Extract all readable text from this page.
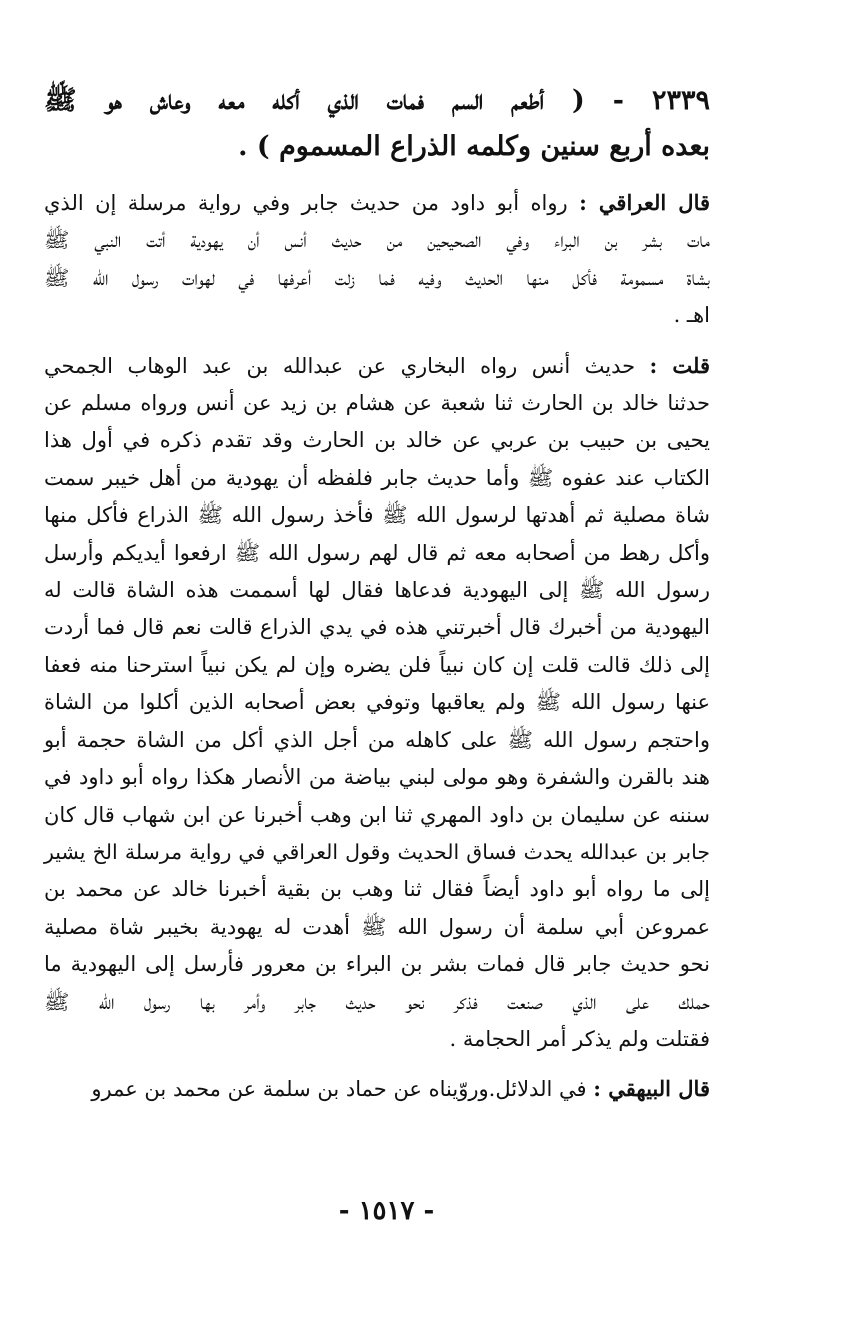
٢٣٣٩ - ( أطعم السم فمات الذي أكله معه وعاش هو ﷺ
بعده أربع سنين وكلمه الذراع المسموم ) .
قال العراقي : رواه أبو داود من حديث جابر وفي رواية مرسلة إن الذي
مات بشر بن البراء وفي الصحيحين من حديث أنس أن يهودية أتت النبي ﷺ
بشاة مسمومة فأكل منها الحديث وفيه فما زلت أعرفها في لهوات رسول الله ﷺ
اهـ .
قلت : حديث أنس رواه البخاري عن عبدالله بن عبد الوهاب الجمحي
حدثنا خالد بن الحارث ثنا شعبة عن هشام بن زيد عن أنس ورواه مسلم عن
يحيى بن حبيب بن عربي عن خالد بن الحارث وقد تقدم ذكره في أول هذا
الكتاب عند عفوه ﷺ وأما حديث جابر فلفظه أن يهودية من أهل خيبر سمت
شاة مصلية ثم أهدتها لرسول الله ﷺ فأخذ رسول الله ﷺ الذراع فأكل منها
وأكل رهط من أصحابه معه ثم قال لهم رسول الله ﷺ ارفعوا أيديكم وأرسل
رسول الله ﷺ إلى اليهودية فدعاها فقال لها أسممت هذه الشاة قالت له
اليهودية من أخبرك قال أخبرتني هذه في يدي الذراع قالت نعم قال فما أردت
إلى ذلك قالت قلت إن كان نبياً فلن يضره وإن لم يكن نبياً استرحنا منه فعفا
عنها رسول الله ﷺ ولم يعاقبها وتوفي بعض أصحابه الذين أكلوا من الشاة
واحتجم رسول الله ﷺ على كاهله من أجل الذي أكل من الشاة حجمة أبو
هند بالقرن والشفرة وهو مولى لبني بياضة من الأنصار هكذا رواه أبو داود في
سننه عن سليمان بن داود المهري ثنا ابن وهب أخبرنا عن ابن شهاب قال كان
جابر بن عبدالله يحدث فساق الحديث وقول العراقي في رواية مرسلة الخ يشير
إلى ما رواه أبو داود أيضاً فقال ثنا وهب بن بقية أخبرنا خالد عن محمد بن
عمروعن أبي سلمة أن رسول الله ﷺ أهدت له يهودية بخيبر شاة مصلية
نحو حديث جابر قال فمات بشر بن البراء بن معرور فأرسل إلى اليهودية ما
حملك على الذي صنعت فذكر نحو حديث جابر وأمر بها رسول الله ﷺ
فقتلت ولم يذكر أمر الحجامة .
قال البيهقي : في الدلائل.وروّيناه عن حماد بن سلمة عن محمد بن عمرو
- ١٥١٧ -
